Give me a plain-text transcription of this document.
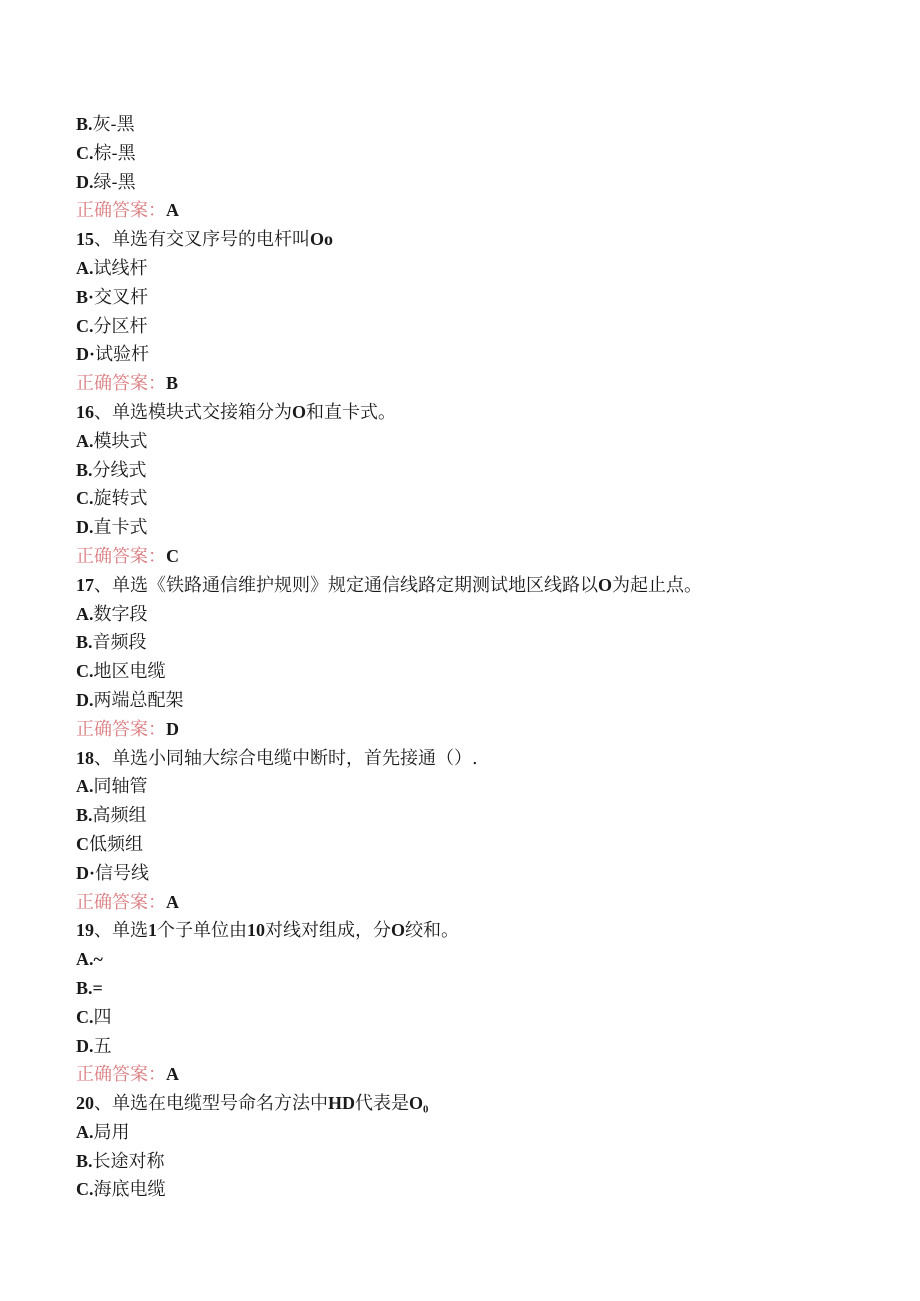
B.灰-黑
C.棕-黑
D.绿-黑
正确答案：A
15、单选有交叉序号的电杆叫Oo
A.试线杆
B·交叉杆
C.分区杆
D·试验杆
正确答案：B
16、单选模块式交接箱分为O和直卡式。
A.模块式
B.分线式
C.旋转式
D.直卡式
正确答案：C
17、单选《铁路通信维护规则》规定通信线路定期测试地区线路以O为起止点。
A.数字段
B.音频段
C.地区电缆
D.两端总配架
正确答案：D
18、单选小同轴大综合电缆中断时，首先接通（）.
A.同轴管
B.高频组
C低频组
D·信号线
正确答案：A
19、单选1个子单位由10对线对组成，分O绞和。
A.~
B.=
C.四
D.五
正确答案：A
20、单选在电缆型号命名方法中HD代表是O₀
A.局用
B.长途对称
C.海底电缆
